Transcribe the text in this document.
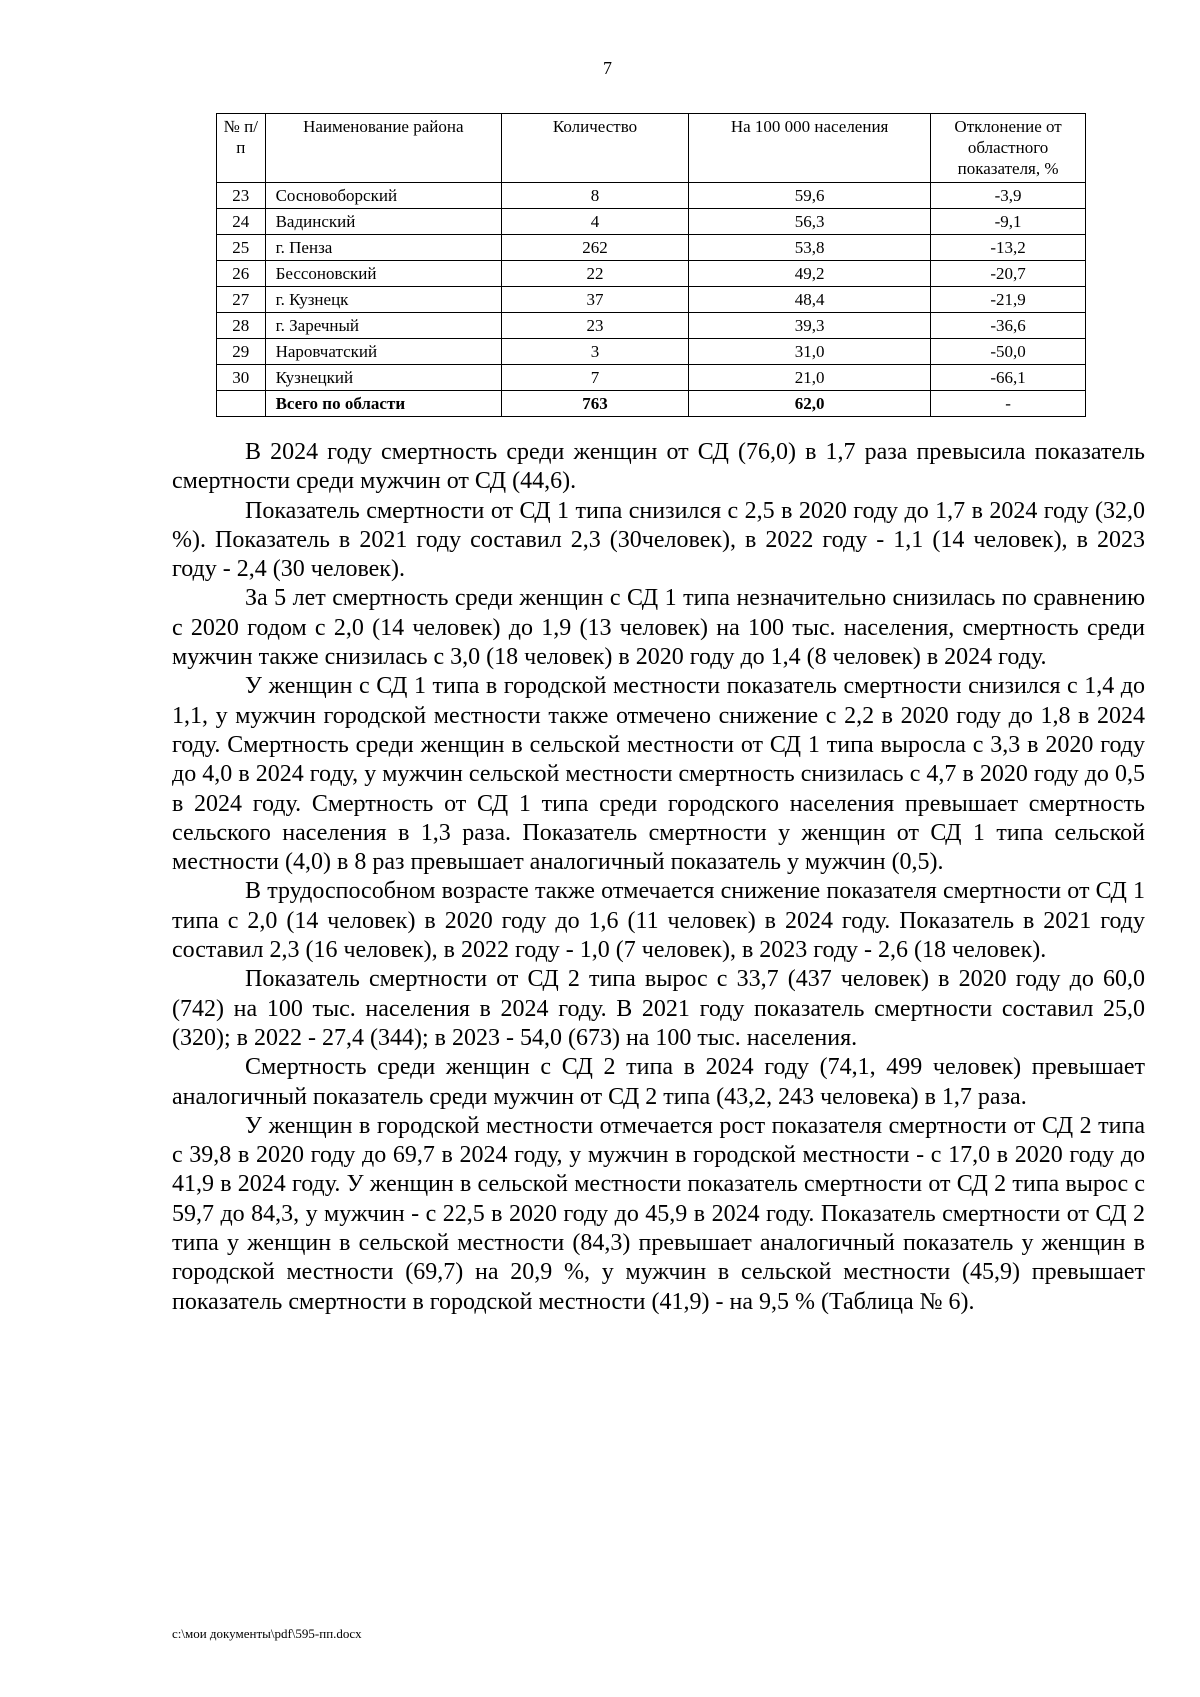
7
№ п/п	Наименование района	Количество	На 100 000 населения	Отклонение от областного показателя, %
23	Сосновоборский	8	59,6	-3,9
24	Вадинский	4	56,3	-9,1
25	г. Пенза	262	53,8	-13,2
26	Бессоновский	22	49,2	-20,7
27	г. Кузнецк	37	48,4	-21,9
28	г. Заречный	23	39,3	-36,6
29	Наровчатский	3	31,0	-50,0
30	Кузнецкий	7	21,0	-66,1
	Всего по области	763	62,0	-

В 2024 году смертность среди женщин от СД (76,0) в 1,7 раза превысила показатель смертности среди мужчин от СД (44,6).

Показатель смертности от СД 1 типа снизился с 2,5 в 2020 году до 1,7 в 2024 году (32,0 %). Показатель в 2021 году составил 2,3 (30человек), в 2022 году - 1,1 (14 человек), в 2023 году - 2,4 (30 человек).

За 5 лет смертность среди женщин с СД 1 типа незначительно снизилась по сравнению с 2020 годом с 2,0 (14 человек) до 1,9 (13 человек) на 100 тыс. населения, смертность среди мужчин также снизилась с 3,0 (18 человек) в 2020 году до 1,4 (8 человек) в 2024 году.

У женщин с СД 1 типа в городской местности показатель смертности снизился с 1,4 до 1,1, у мужчин городской местности также отмечено снижение с 2,2 в 2020 году до 1,8 в 2024 году. Смертность среди женщин в сельской местности от СД 1 типа выросла с 3,3 в 2020 году до 4,0 в 2024 году, у мужчин сельской местности смертность снизилась с 4,7 в 2020 году до 0,5 в 2024 году. Смертность от СД 1 типа среди городского населения превышает смертность сельского населения в 1,3 раза. Показатель смертности у женщин от СД 1 типа сельской местности (4,0) в 8 раз превышает аналогичный показатель у мужчин (0,5).

В трудоспособном возрасте также отмечается снижение показателя смертности от СД 1 типа с 2,0 (14 человек) в 2020 году до 1,6 (11 человек) в 2024 году. Показатель в 2021 году составил 2,3 (16 человек), в 2022 году - 1,0 (7 человек), в 2023 году - 2,6 (18 человек).

Показатель смертности от СД 2 типа вырос с 33,7 (437 человек) в 2020 году до 60,0 (742) на 100 тыс. населения в 2024 году. В 2021 году показатель смертности составил 25,0 (320); в 2022 - 27,4 (344); в 2023 - 54,0 (673) на 100 тыс. населения.

Смертность среди женщин с СД 2 типа в 2024 году (74,1, 499 человек) превышает аналогичный показатель среди мужчин от СД 2 типа (43,2, 243 человека) в 1,7 раза.

У женщин в городской местности отмечается рост показателя смертности от СД 2 типа с 39,8 в 2020 году до 69,7 в 2024 году, у мужчин в городской местности - с 17,0 в 2020 году до 41,9 в 2024 году. У женщин в сельской местности показатель смертности от СД 2 типа вырос с 59,7 до 84,3, у мужчин - с 22,5 в 2020 году до 45,9 в 2024 году. Показатель смертности от СД 2 типа у женщин в сельской местности (84,3) превышает аналогичный показатель у женщин в городской местности (69,7) на 20,9 %, у мужчин в сельской местности (45,9) превышает показатель смертности в городской местности (41,9) - на 9,5 % (Таблица № 6).

c:\мои документы\pdf\595-пп.docx
